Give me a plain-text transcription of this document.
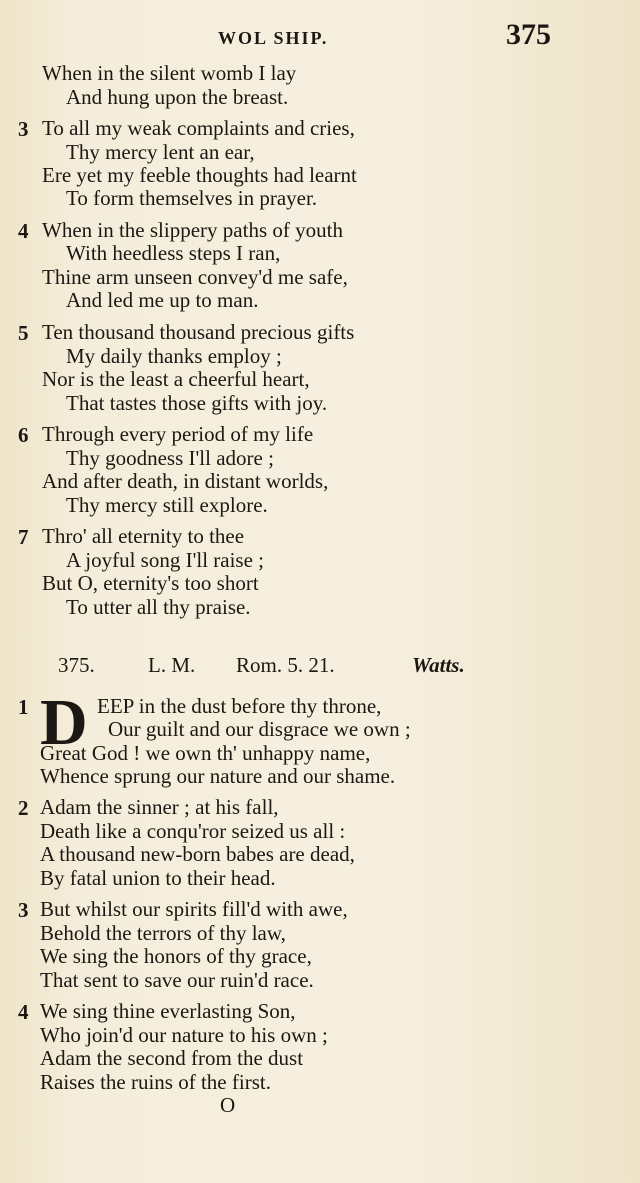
WOL SHIP.	375
When in the silent womb I lay
And hung upon the breast.
3 To all my weak complaints and cries,
Thy mercy lent an ear,
Ere yet my feeble thoughts had learnt
To form themselves in prayer.
4 When in the slippery paths of youth
With heedless steps I ran,
Thine arm unseen convey'd me safe,
And led me up to man.
5 Ten thousand thousand precious gifts
My daily thanks employ ;
Nor is the least a cheerful heart,
That tastes those gifts with joy.
6 Through every period of my life
Thy goodness I'll adore ;
And after death, in distant worlds,
Thy mercy still explore.
7 Thro' all eternity to thee
A joyful song I'll raise ;
But O, eternity's too short
To utter all thy praise.
375.	L. M. Rom. 5. 21.	Watts.
1 D EEP in the dust before thy throne,
Our guilt and our disgrace we own ;
Great God ! we own th' unhappy name,
Whence sprung our nature and our shame.
2 Adam the sinner ; at his fall,
Death like a conqu'ror seized us all :
A thousand new-born babes are dead,
By fatal union to their head.
3 But whilst our spirits fill'd with awe,
Behold the terrors of thy law,
We sing the honors of thy grace,
That sent to save our ruin'd race.
4 We sing thine everlasting Son,
Who join'd our nature to his own ;
Adam the second from the dust
Raises the ruins of the first.
O
